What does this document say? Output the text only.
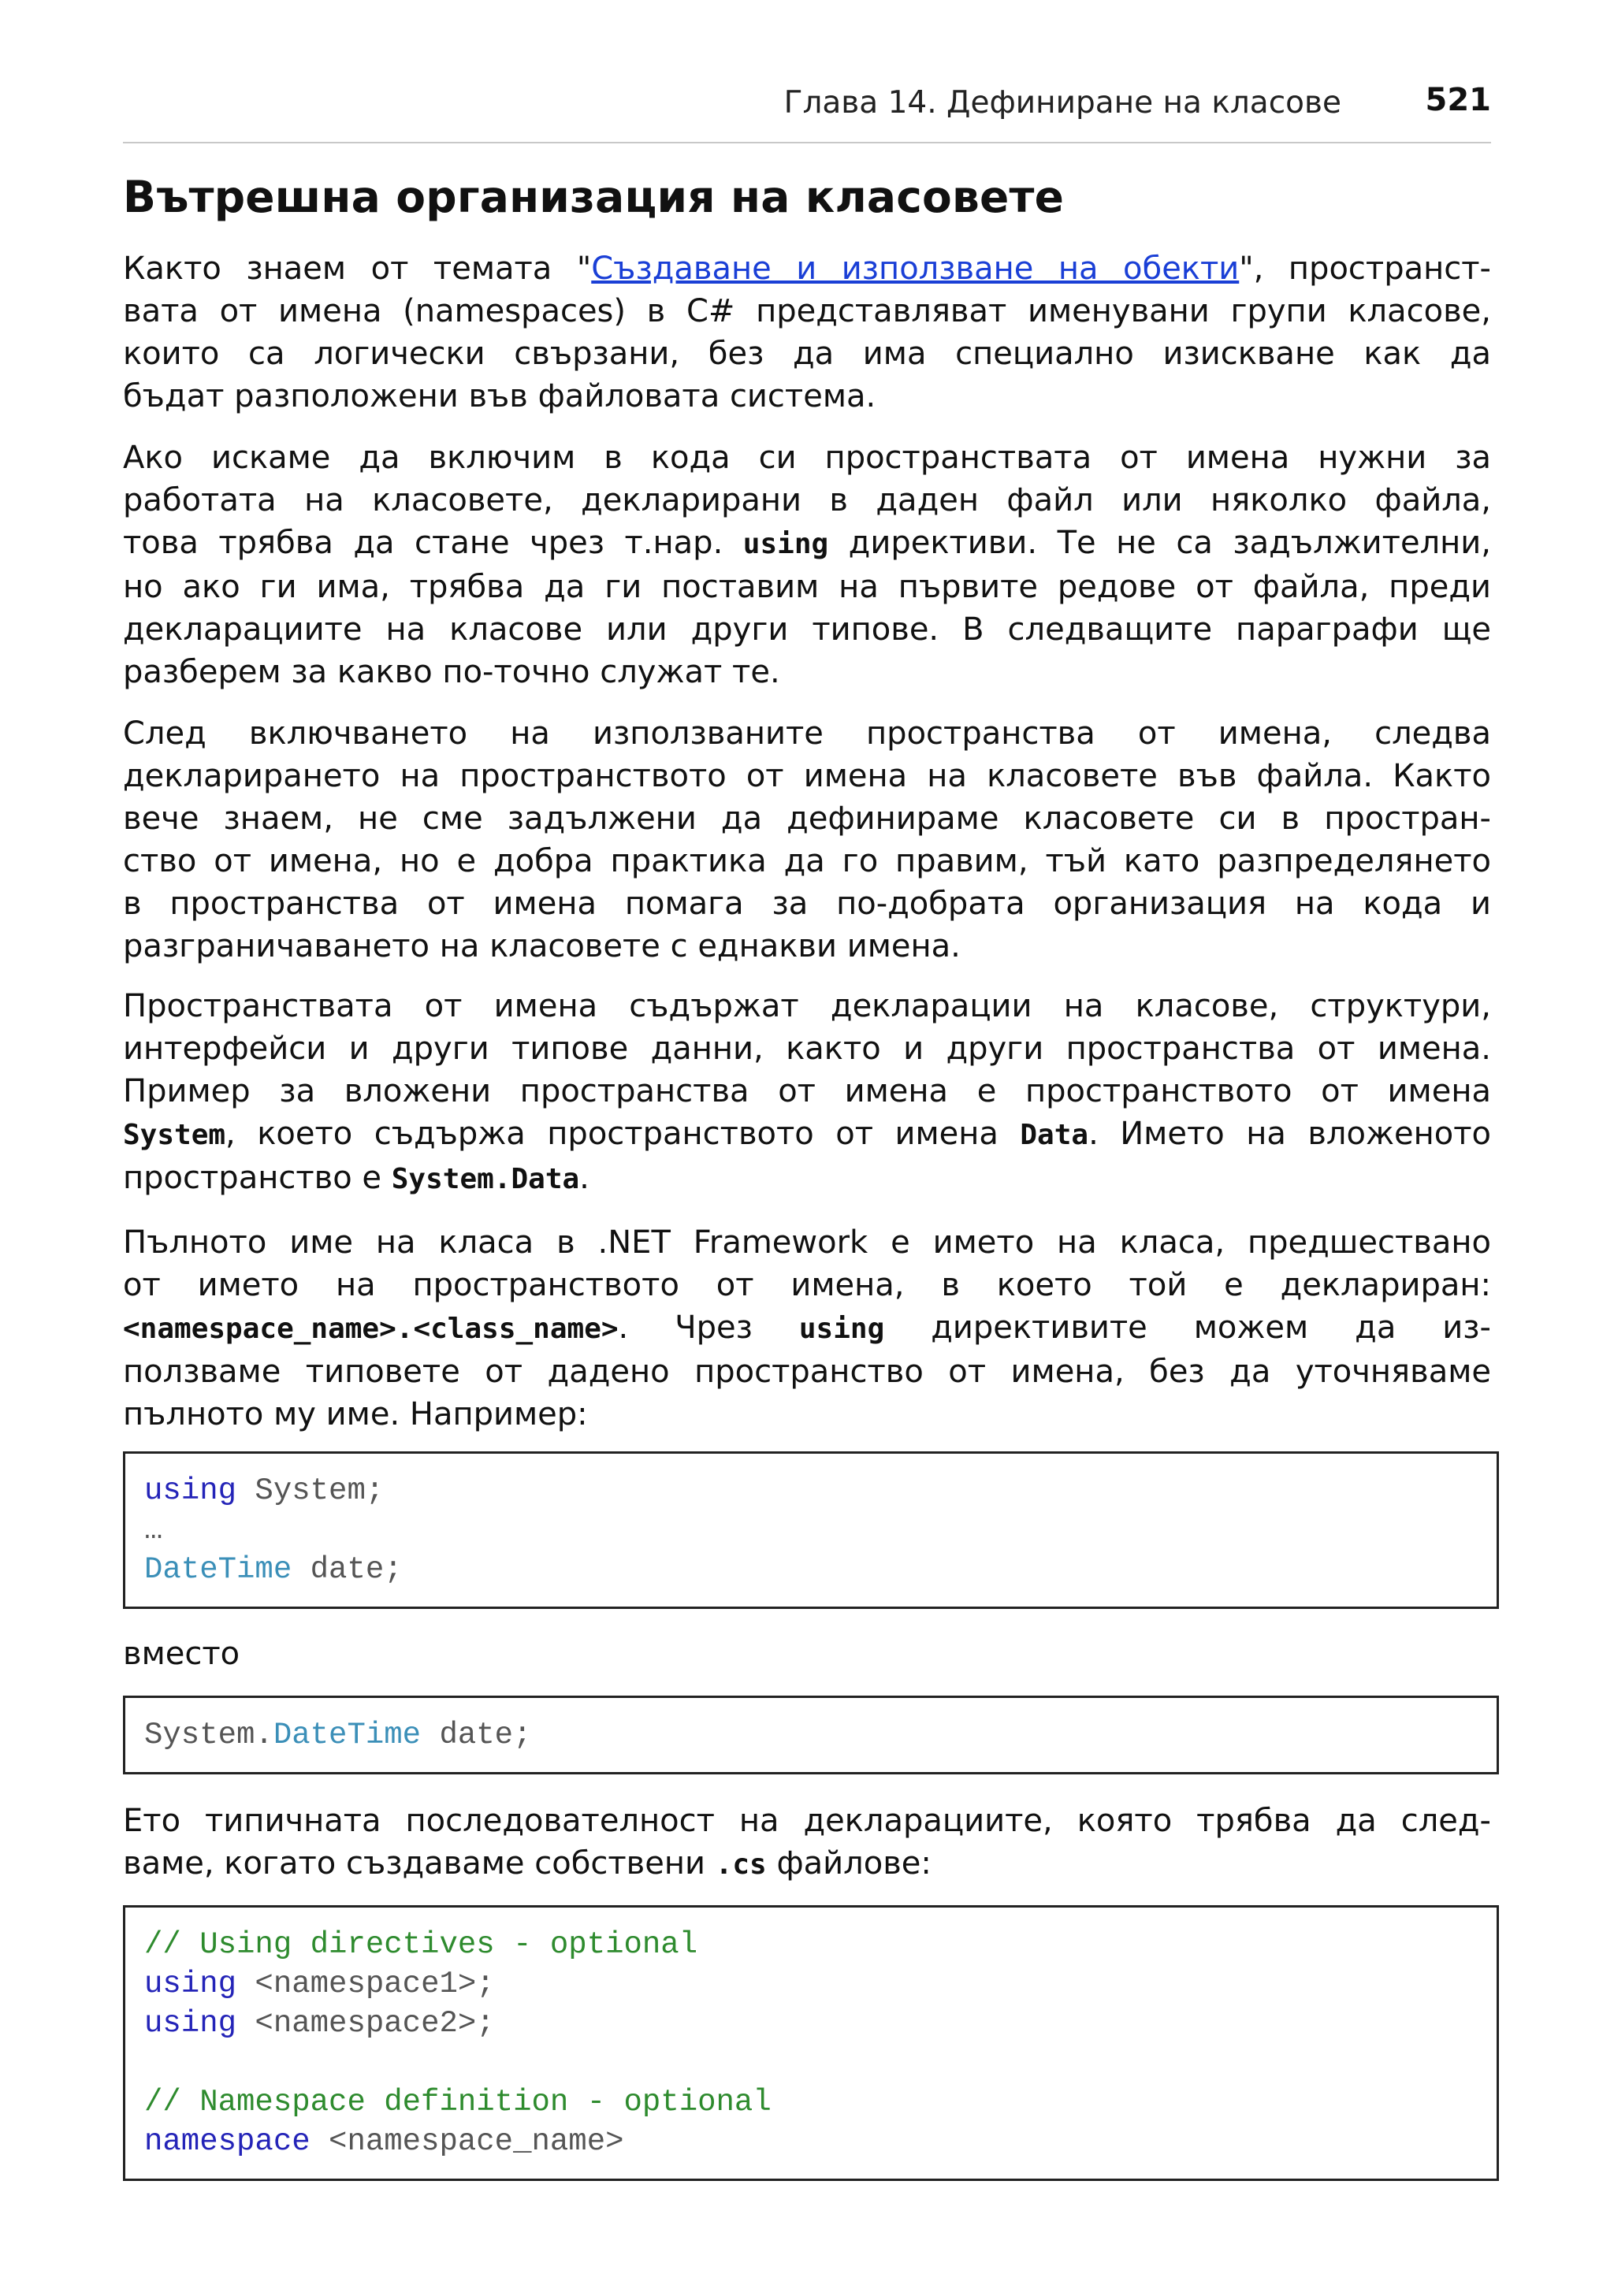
Глава 14. Дефиниране на класове	521
Вътрешна организация на класовете
Както знаем от темата "Създаване и използване на обекти", пространст-
вата от имена (namespaces) в C# представляват именувани групи класове,
които са логически свързани, без да има специално изискване как да
бъдат разположени във файловата система.
Ако искаме да включим в кода си пространствата от имена нужни за
работата на класовете, декларирани в даден файл или няколко файла,
това трябва да стане чрез т.нар. using директиви. Те не са задължителни,
но ако ги има, трябва да ги поставим на първите редове от файла, преди
декларациите на класове или други типове. В следващите параграфи ще
разберем за какво по-точно служат те.
След включването на използваните пространства от имена, следва
декларирането на пространството от имена на класовете във файла. Както
вече знаем, не сме задължени да дефинираме класовете си в простран-
ство от имена, но е добра практика да го правим, тъй като разпределянето
в пространства от имена помага за по-добрата организация на кода и
разграничаването на класовете с еднакви имена.
Пространствата от имена съдържат декларации на класове, структури,
интерфейси и други типове данни, както и други пространства от имена.
Пример за вложени пространства от имена е пространството от имена
System, което съдържа пространството от имена Data. Името на вложеното
пространство е System.Data.
Пълното име на класа в .NET Framework е името на класа, предшествано
от името на пространството от имена, в което той е деклариран:
<namespace_name>.<class_name>. Чрез using директивите можем да из-
ползваме типовете от дадено пространство от имена, без да уточняваме
пълното му име. Например:
using System;
…
DateTime date;
вместо
System.DateTime date;
Ето типичната последователност на декларациите, която трябва да след-
ваме, когато създаваме собствени .cs файлове:
// Using directives - optional
using <namespace1>;
using <namespace2>;

// Namespace definition - optional
namespace <namespace_name>
